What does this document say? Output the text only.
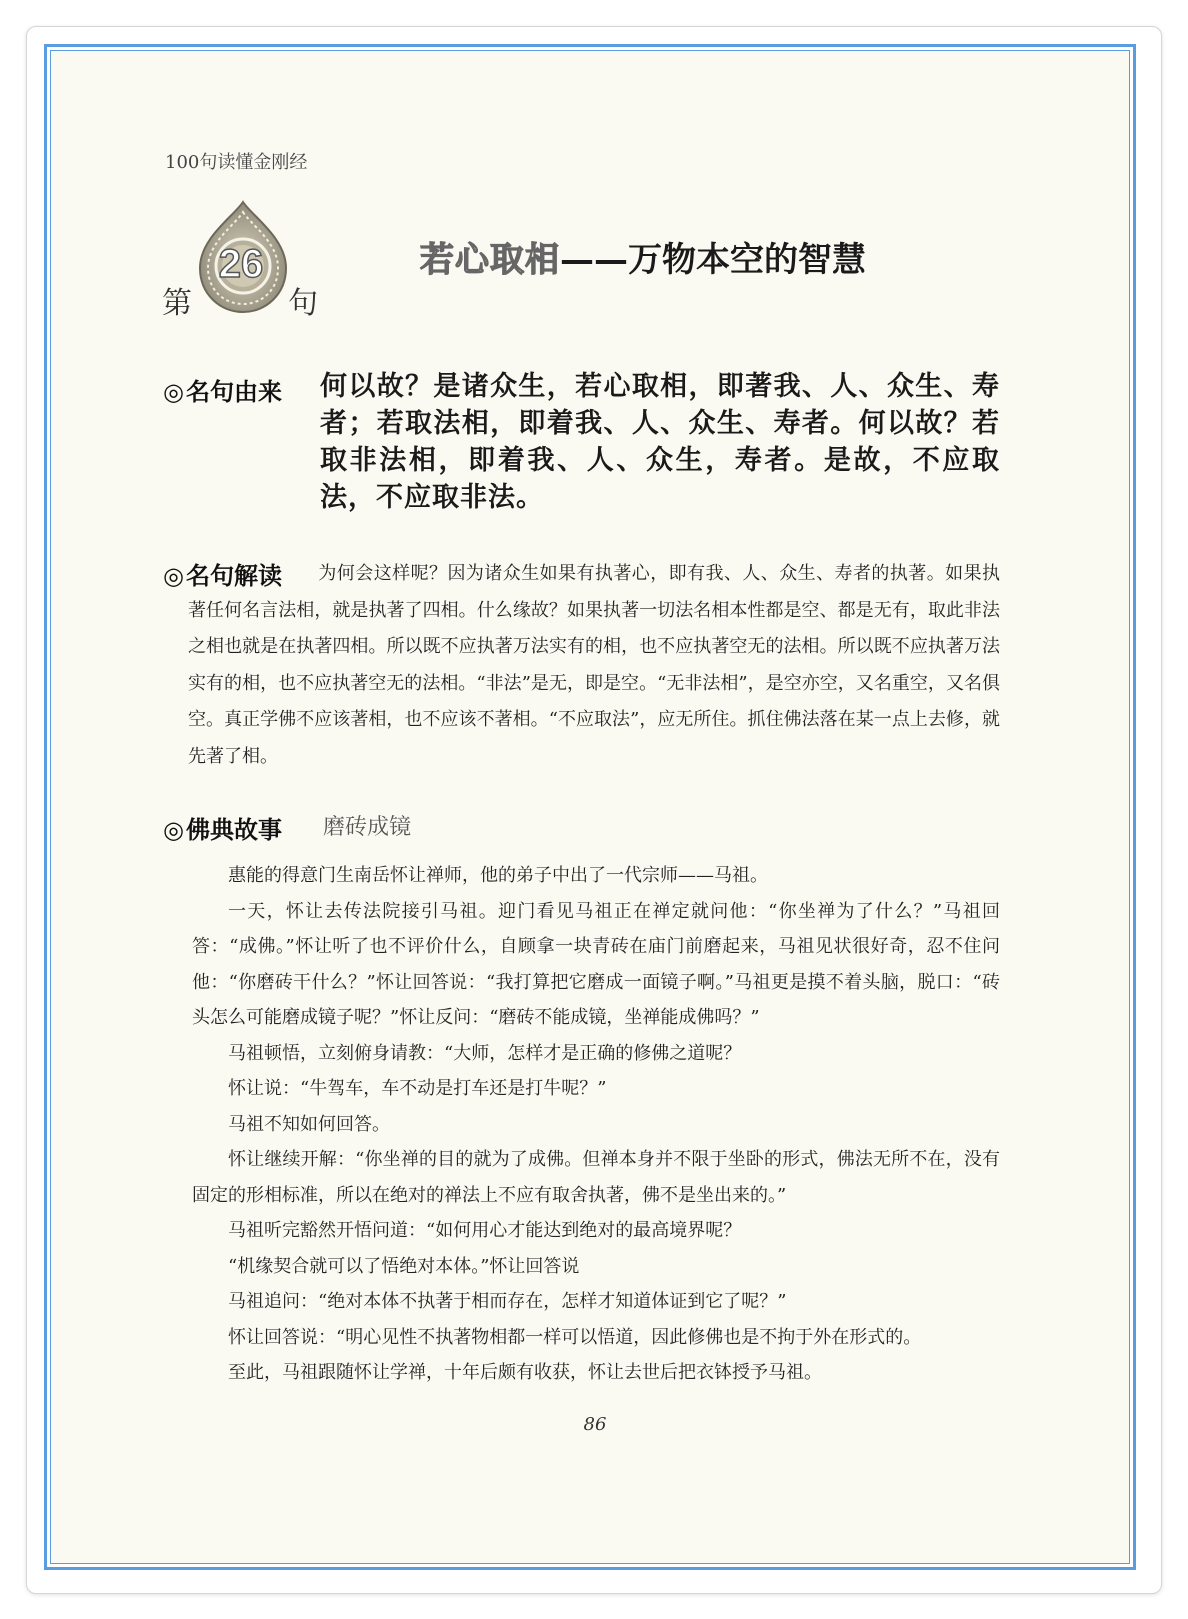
100句读懂金刚经
26
第	句
若心取相——万物本空的智慧
◎名句由来 何以故？是诸众生，若心取相，即著我、人、众生、寿者；若取法相，即着我、人、众生、寿者。何以故？若取非法相，即着我、人、众生，寿者。是故，不应取法，不应取非法。
◎名句解读	为何会这样呢？因为诸众生如果有执著心，即有我、人、众生、寿者的执著。如果执著任何名言法相，就是执著了四相。什么缘故？如果执著一切法名相本性都是空、都是无有，取此非法之相也就是在执著四相。所以既不应执著万法实有的相，也不应执著空无的法相。所以既不应执著万法实有的相，也不应执著空无的法相。“非法”是无，即是空。“无非法相”，是空亦空，又名重空，又名俱空。真正学佛不应该著相，也不应该不著相。“不应取法”，应无所住。抓住佛法落在某一点上去修，就先著了相。
◎佛典故事 磨砖成镜

惠能的得意门生南岳怀让禅师，他的弟子中出了一代宗师——马祖。

一天，怀让去传法院接引马祖。迎门看见马祖正在禅定就问他：“你坐禅为了什么？”马祖回答：“成佛。”怀让听了也不评价什么，自顾拿一块青砖在庙门前磨起来，马祖见状很好奇，忍不住问他：“你磨砖干什么？”怀让回答说：“我打算把它磨成一面镜子啊。”马祖更是摸不着头脑，脱口：“砖头怎么可能磨成镜子呢？”怀让反问：“磨砖不能成镜，坐禅能成佛吗？”

马祖顿悟，立刻俯身请教：“大师，怎样才是正确的修佛之道呢？

怀让说：“牛驾车，车不动是打车还是打牛呢？”

马祖不知如何回答。

怀让继续开解：“你坐禅的目的就为了成佛。但禅本身并不限于坐卧的形式，佛法无所不在，没有固定的形相标准，所以在绝对的禅法上不应有取舍执著，佛不是坐出来的。”

马祖听完豁然开悟问道：“如何用心才能达到绝对的最高境界呢？

“机缘契合就可以了悟绝对本体。”怀让回答说

马祖追问：“绝对本体不执著于相而存在，怎样才知道体证到它了呢？”

怀让回答说：“明心见性不执著物相都一样可以悟道，因此修佛也是不拘于外在形式的。

至此，马祖跟随怀让学禅，十年后颇有收获，怀让去世后把衣钵授予马祖。

86
